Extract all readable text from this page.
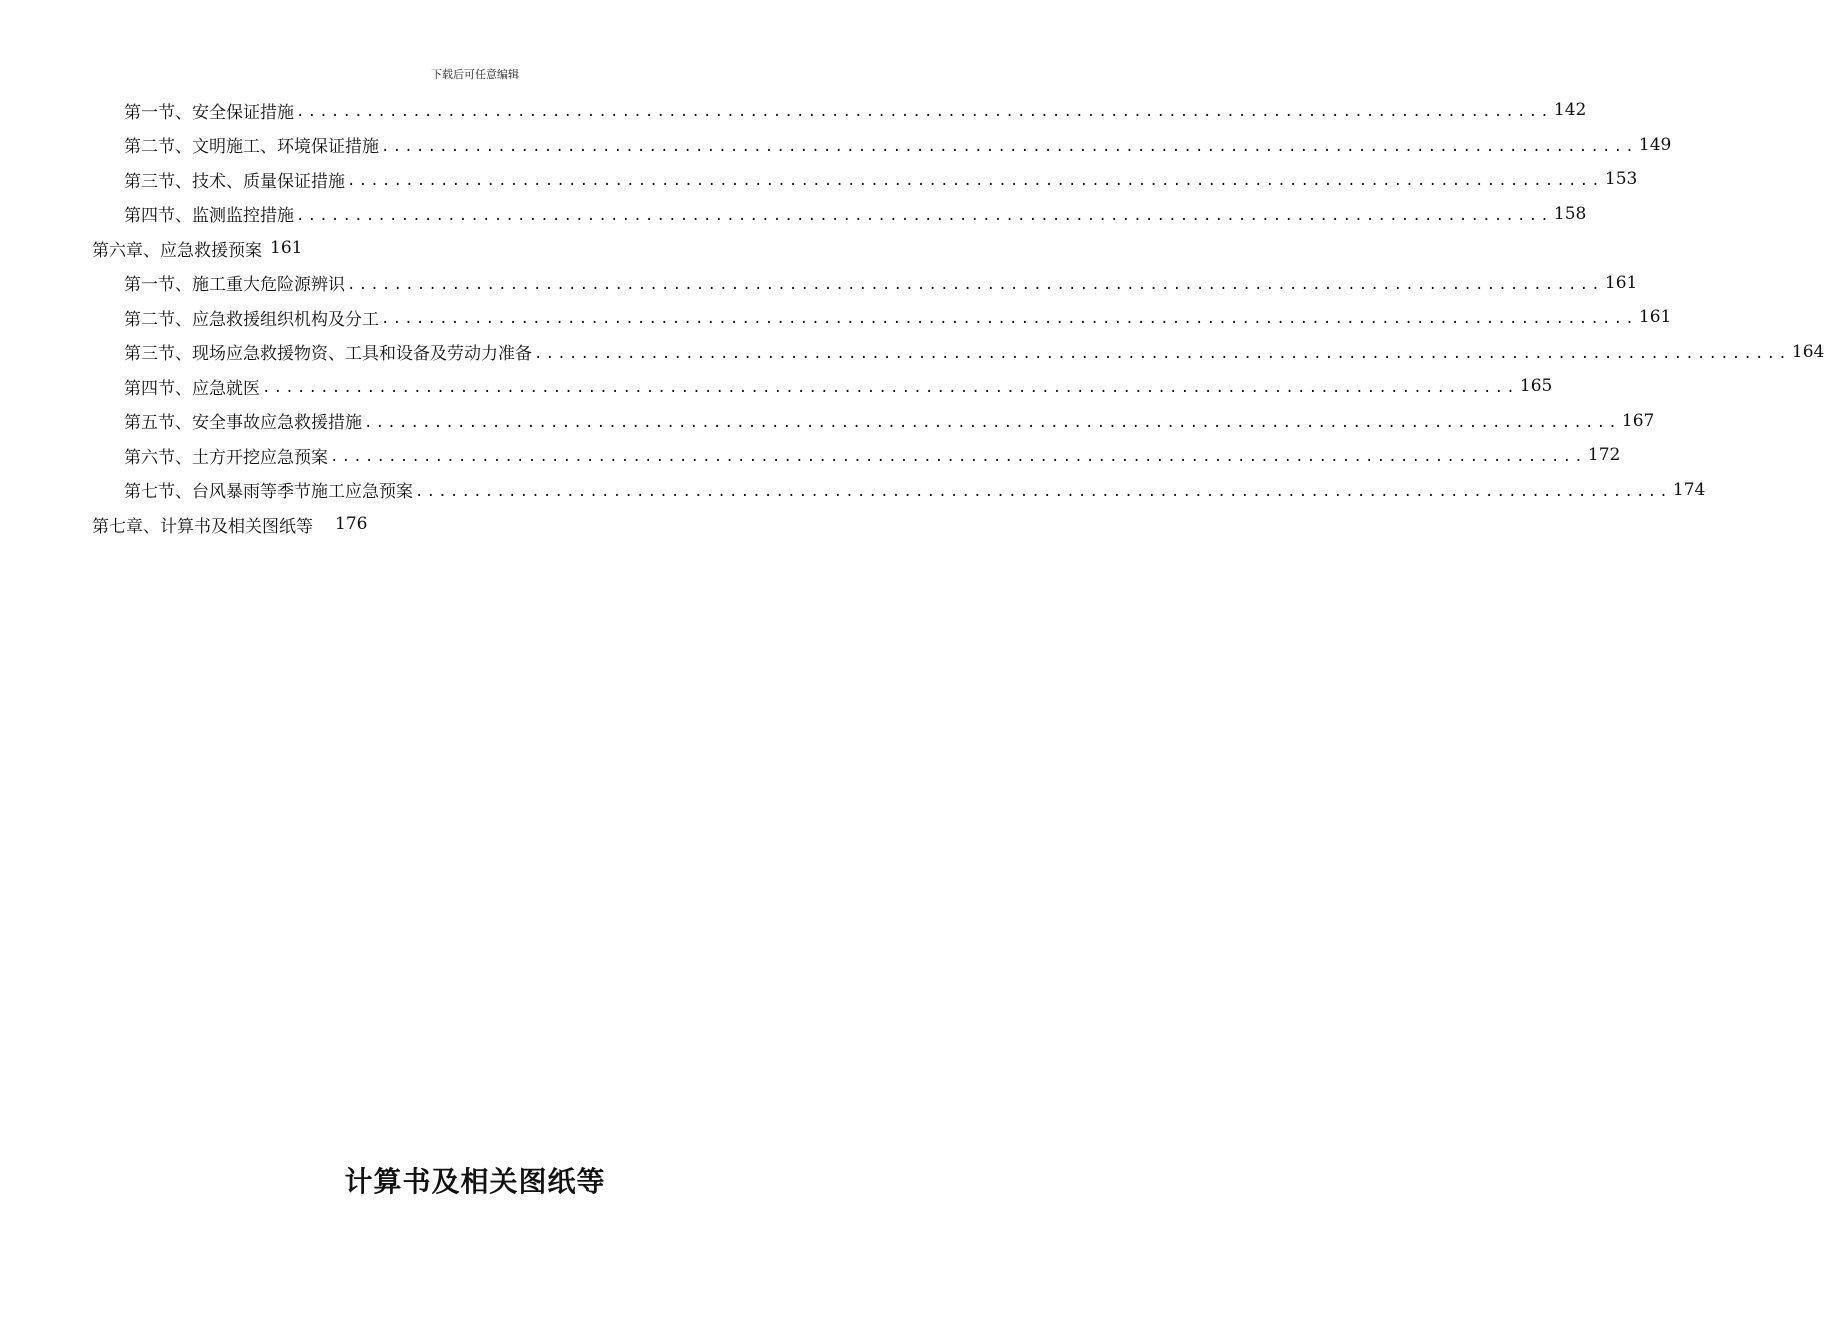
下载后可任意编辑
第一节、安全保证措施 ............................................................................................................ 142
第二节、文明施工、环境保证措施 ............................................................................................................ 149
第三节、技术、质量保证措施 ............................................................................................................ 153
第四节、监测监控措施 ............................................................................................................ 158
第六章、应急救援预案 161
第一节、施工重大危险源辨识 ............................................................................................................ 161
第二节、应急救援组织机构及分工 ............................................................................................................ 161
第三节、现场应急救援物资、工具和设备及劳动力准备 ............................................................................................................ 164
第四节、应急就医 ............................................................................................................ 165
第五节、安全事故应急救援措施 ............................................................................................................ 167
第六节、土方开挖应急预案 ............................................................................................................ 172
第七节、台风暴雨等季节施工应急预案 ............................................................................................................ 174
第七章、计算书及相关图纸等 176
计算书及相关图纸等
